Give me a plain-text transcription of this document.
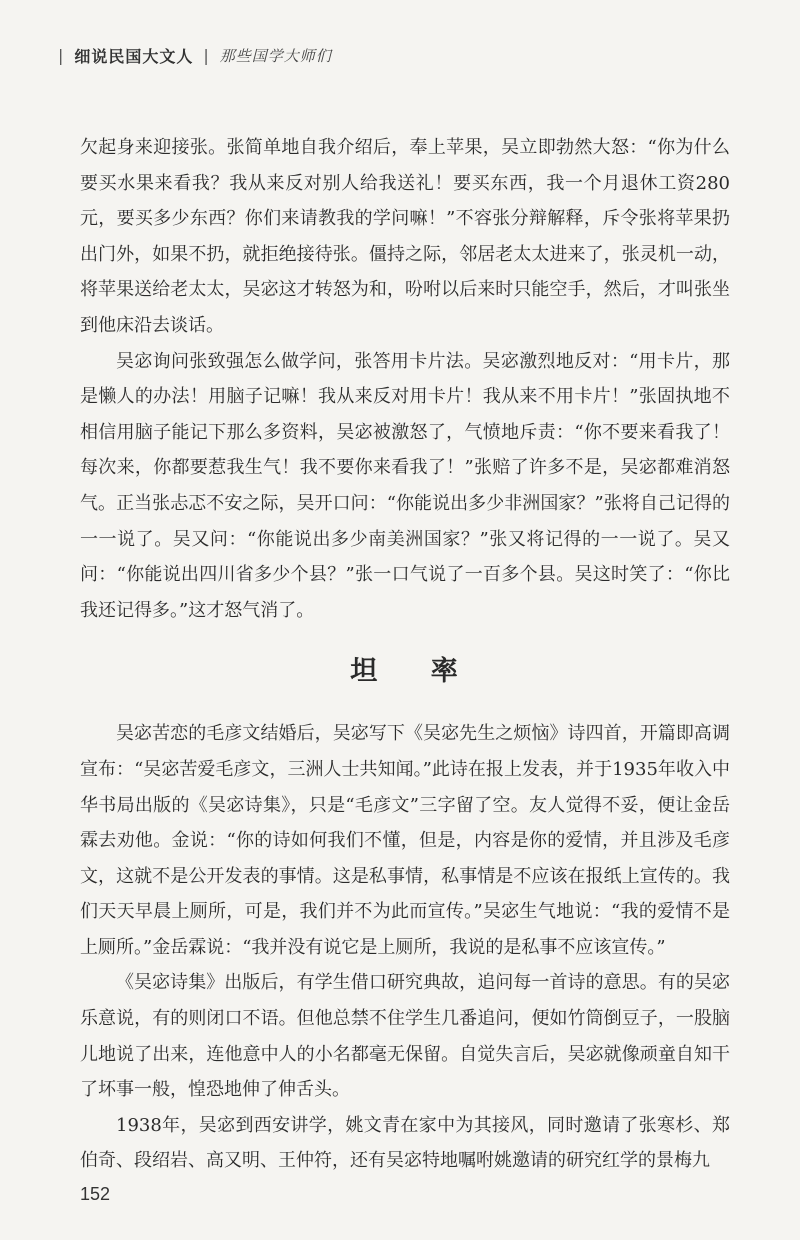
| 细说民国大文人 | 那些国学大师们

欠起身来迎接张。张简单地自我介绍后，奉上苹果，吴立即勃然大怒：“你为什么要买水果来看我？我从来反对别人给我送礼！要买东西，我一个月退休工资280元，要买多少东西？你们来请教我的学问嘛！”不容张分辩解释，斥令张将苹果扔出门外，如果不扔，就拒绝接待张。僵持之际，邻居老太太进来了，张灵机一动，将苹果送给老太太，吴宓这才转怒为和，吩咐以后来时只能空手，然后，才叫张坐到他床沿去谈话。

吴宓询问张致强怎么做学问，张答用卡片法。吴宓激烈地反对：“用卡片，那是懒人的办法！用脑子记嘛！我从来反对用卡片！我从来不用卡片！”张固执地不相信用脑子能记下那么多资料，吴宓被激怒了，气愤地斥责：“你不要来看我了！每次来，你都要惹我生气！我不要你来看我了！”张赔了许多不是，吴宓都难消怒气。正当张忐忑不安之际，吴开口问：“你能说出多少非洲国家？”张将自己记得的一一说了。吴又问：“你能说出多少南美洲国家？”张又将记得的一一说了。吴又问：“你能说出四川省多少个县？”张一口气说了一百多个县。吴这时笑了：“你比我还记得多。”这才怒气消了。

坦 率

吴宓苦恋的毛彦文结婚后，吴宓写下《吴宓先生之烦恼》诗四首，开篇即高调宣布：“吴宓苦爱毛彦文，三洲人士共知闻。”此诗在报上发表，并于1935年收入中华书局出版的《吴宓诗集》，只是“毛彦文”三字留了空。友人觉得不妥，便让金岳霖去劝他。金说：“你的诗如何我们不懂，但是，内容是你的爱情，并且涉及毛彦文，这就不是公开发表的事情。这是私事情，私事情是不应该在报纸上宣传的。我们天天早晨上厕所，可是，我们并不为此而宣传。”吴宓生气地说：“我的爱情不是上厕所。”金岳霖说：“我并没有说它是上厕所，我说的是私事不应该宣传。”

《吴宓诗集》出版后，有学生借口研究典故，追问每一首诗的意思。有的吴宓乐意说，有的则闭口不语。但他总禁不住学生几番追问，便如竹筒倒豆子，一股脑儿地说了出来，连他意中人的小名都毫无保留。自觉失言后，吴宓就像顽童自知干了坏事一般，惶恐地伸了伸舌头。

1938年，吴宓到西安讲学，姚文青在家中为其接风，同时邀请了张寒杉、郑伯奇、段绍岩、高又明、王仲符，还有吴宓特地嘱咐姚邀请的研究红学的景梅九

152
